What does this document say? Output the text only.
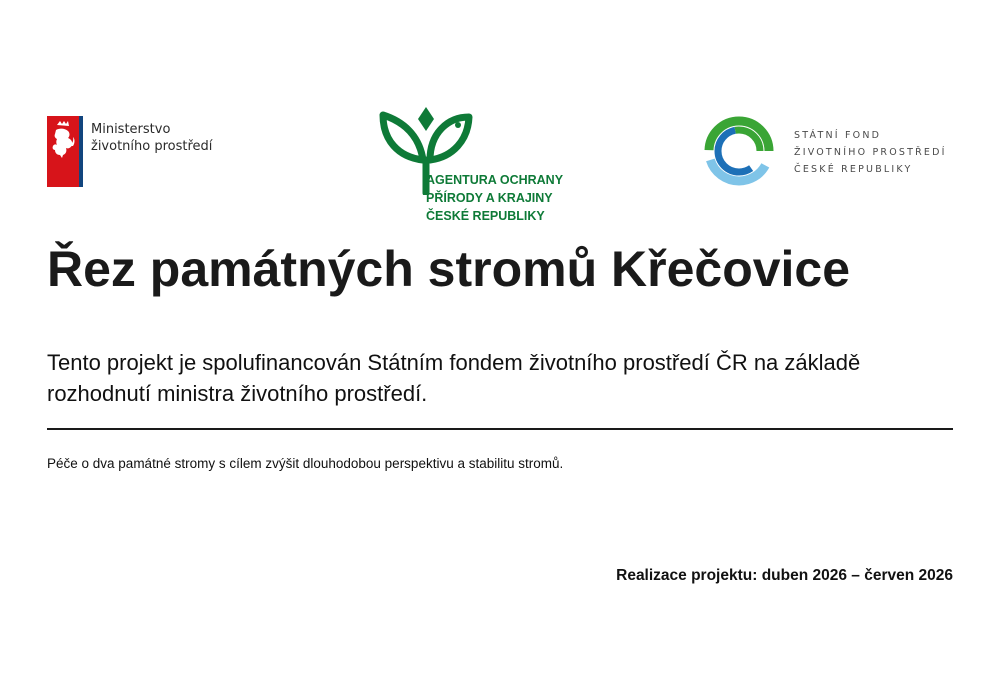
Ministerstvo
životního prostředí
AGENTURA OCHRANY
PŘÍRODY A KRAJINY
ČESKÉ REPUBLIKY
STÁTNÍ FOND
ŽIVOTNÍHO PROSTŘEDÍ
ČESKÉ REPUBLIKY
Řez památných stromů Křečovice

Tento projekt je spolufinancován Státním fondem životního prostředí ČR na základě rozhodnutí ministra životního prostředí.

Péče o dva památné stromy s cílem zvýšit dlouhodobou perspektivu a stabilitu stromů.

Realizace projektu: duben 2026 – červen 2026
